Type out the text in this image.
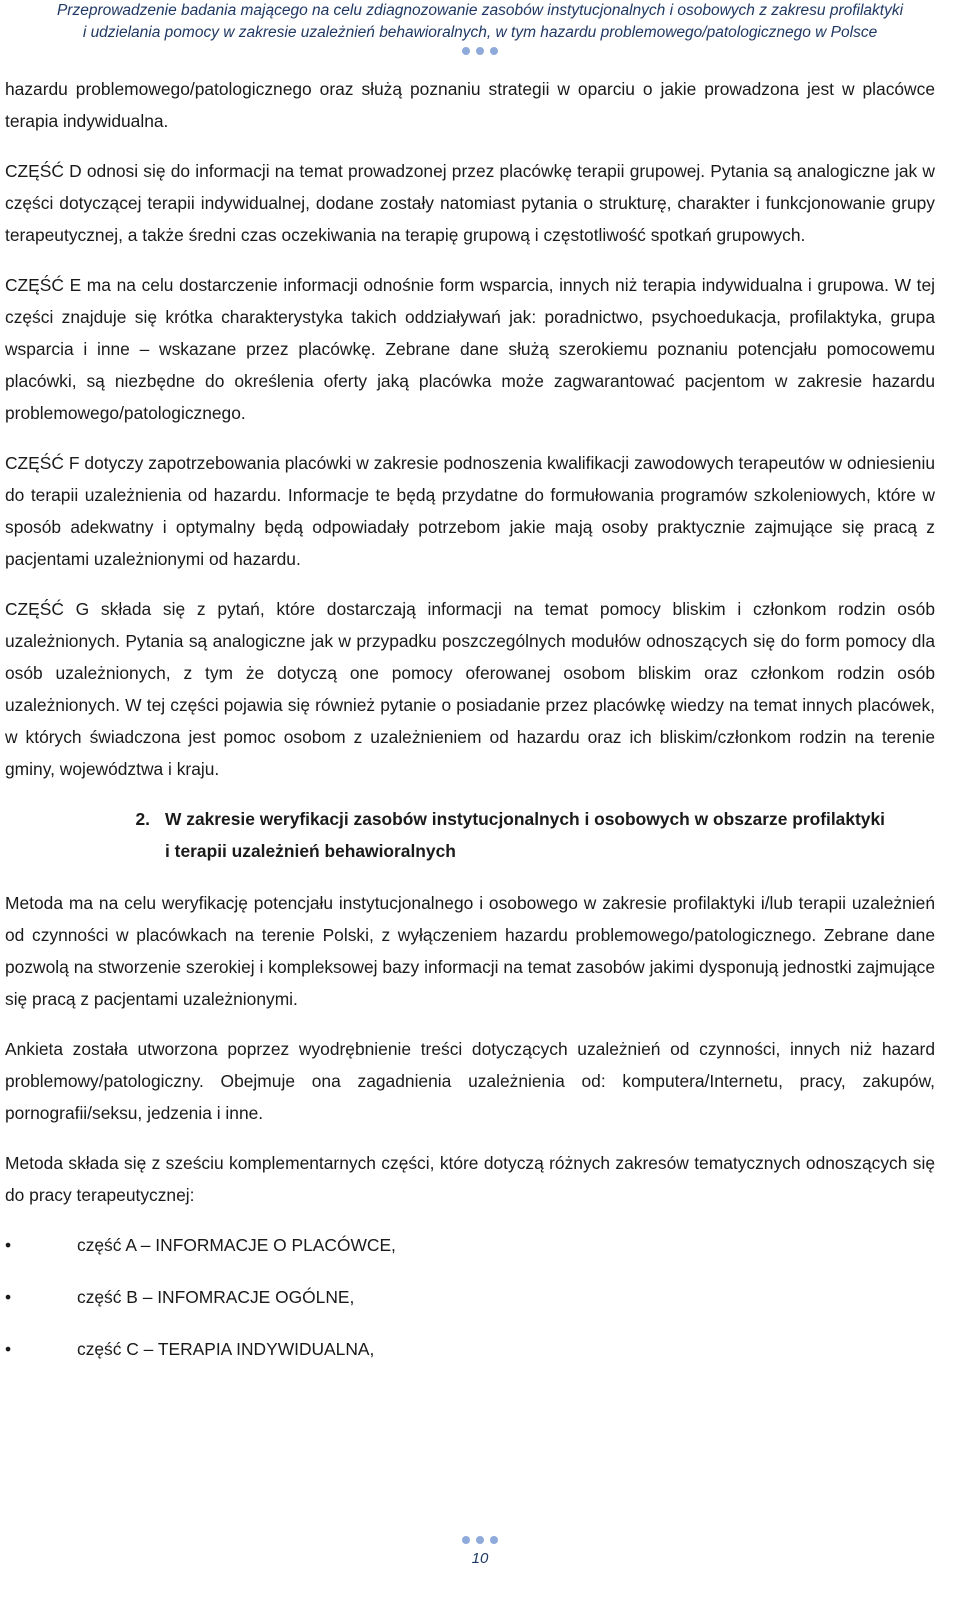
Przeprowadzenie badania mającego na celu zdiagnozowanie zasobów instytucjonalnych i osobowych z zakresu profilaktyki
i udzielania pomocy w zakresie uzależnień behawioralnych, w tym hazardu problemowego/patologicznego w Polsce

hazardu problemowego/patologicznego oraz służą poznaniu strategii w oparciu o jakie prowadzona jest w placówce terapia indywidualna.

CZĘŚĆ D odnosi się do informacji na temat prowadzonej przez placówkę terapii grupowej. Pytania są analogiczne jak w części dotyczącej terapii indywidualnej, dodane zostały natomiast pytania o strukturę, charakter i funkcjonowanie grupy terapeutycznej, a także średni czas oczekiwania na terapię grupową i częstotliwość spotkań grupowych.

CZĘŚĆ E ma na celu dostarczenie informacji odnośnie form wsparcia, innych niż terapia indywidualna i grupowa. W tej części znajduje się krótka charakterystyka takich oddziaływań jak: poradnictwo, psychoedukacja, profilaktyka, grupa wsparcia i inne – wskazane przez placówkę. Zebrane dane służą szerokiemu poznaniu potencjału pomocowemu placówki, są niezbędne do określenia oferty jaką placówka może zagwarantować pacjentom w zakresie hazardu problemowego/patologicznego.

CZĘŚĆ F dotyczy zapotrzebowania placówki w zakresie podnoszenia kwalifikacji zawodowych terapeutów w odniesieniu do terapii uzależnienia od hazardu. Informacje te będą przydatne do formułowania programów szkoleniowych, które w sposób adekwatny i optymalny będą odpowiadały potrzebom jakie mają osoby praktycznie zajmujące się pracą z pacjentami uzależnionymi od hazardu.

CZĘŚĆ G składa się z pytań, które dostarczają informacji na temat pomocy bliskim i członkom rodzin osób uzależnionych. Pytania są analogiczne jak w przypadku poszczególnych modułów odnoszących się do form pomocy dla osób uzależnionych, z tym że dotyczą one pomocy oferowanej osobom bliskim oraz członkom rodzin osób uzależnionych. W tej części pojawia się również pytanie o posiadanie przez placówkę wiedzy na temat innych placówek, w których świadczona jest pomoc osobom z uzależnieniem od hazardu oraz ich bliskim/członkom rodzin na terenie gminy, województwa i kraju.

2. W zakresie weryfikacji zasobów instytucjonalnych i osobowych w obszarze profilaktyki i terapii uzależnień behawioralnych

Metoda ma na celu weryfikację potencjału instytucjonalnego i osobowego w zakresie profilaktyki i/lub terapii uzależnień od czynności w placówkach na terenie Polski, z wyłączeniem hazardu problemowego/patologicznego. Zebrane dane pozwolą na stworzenie szerokiej i kompleksowej bazy informacji na temat zasobów jakimi dysponują jednostki zajmujące się pracą z pacjentami uzależnionymi.

Ankieta została utworzona poprzez wyodrębnienie treści dotyczących uzależnień od czynności, innych niż hazard problemowy/patologiczny. Obejmuje ona zagadnienia uzależnienia od: komputera/Internetu, pracy, zakupów, pornografii/seksu, jedzenia i inne.

Metoda składa się z sześciu komplementarnych części, które dotyczą różnych zakresów tematycznych odnoszących się do pracy terapeutycznej:

•	część A – INFORMACJE O PLACÓWCE,
•	część B – INFOMRACJE OGÓLNE,
•	część C – TERAPIA INDYWIDUALNA,
10
